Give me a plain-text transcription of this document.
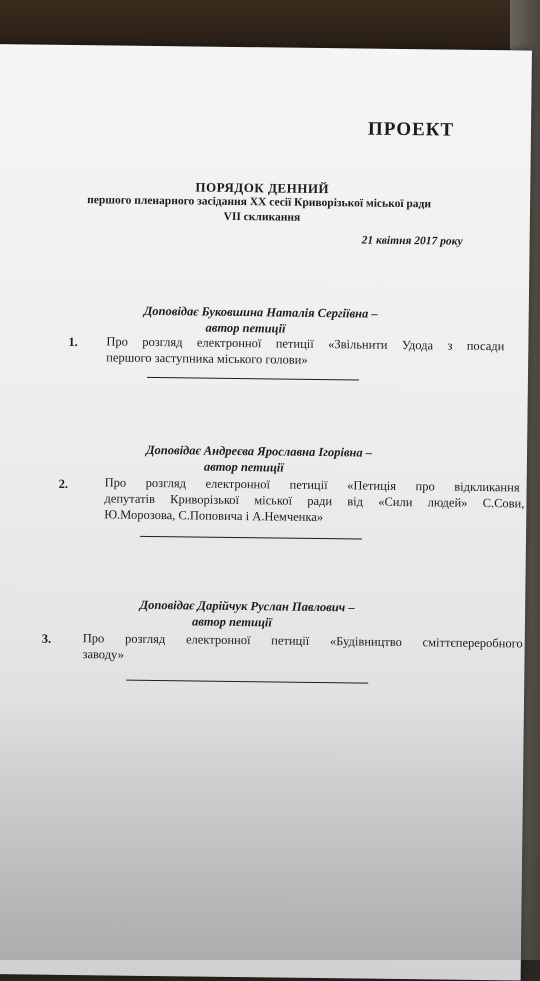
ПРОЕКТ
ПОРЯДОК ДЕННИЙ
першого пленарного засідання ХХ сесії Криворізької міської ради
VII скликання
21 квітня 2017 року
Доповідає Буковшина Наталія Сергіївна –
автор петиції
1. Про розгляд електронної петиції «Звільнити Удода з посади
першого заступника міського голови»
Доповідає Андреєва Ярославна Ігорівна –
автор петиції
2.	Про розгляд електронної петиції «Петиція про відкликання
депутатів Криворізької міської ради від «Сили людей» С.Сови,
Ю.Морозова, С.Поповича і А.Немченка»
Доповідає Дарійчук Руслан Павлович –
автор петиції
3.	Про розгляд електронної петиції «Будівництво сміттєпереробного
заводу»
